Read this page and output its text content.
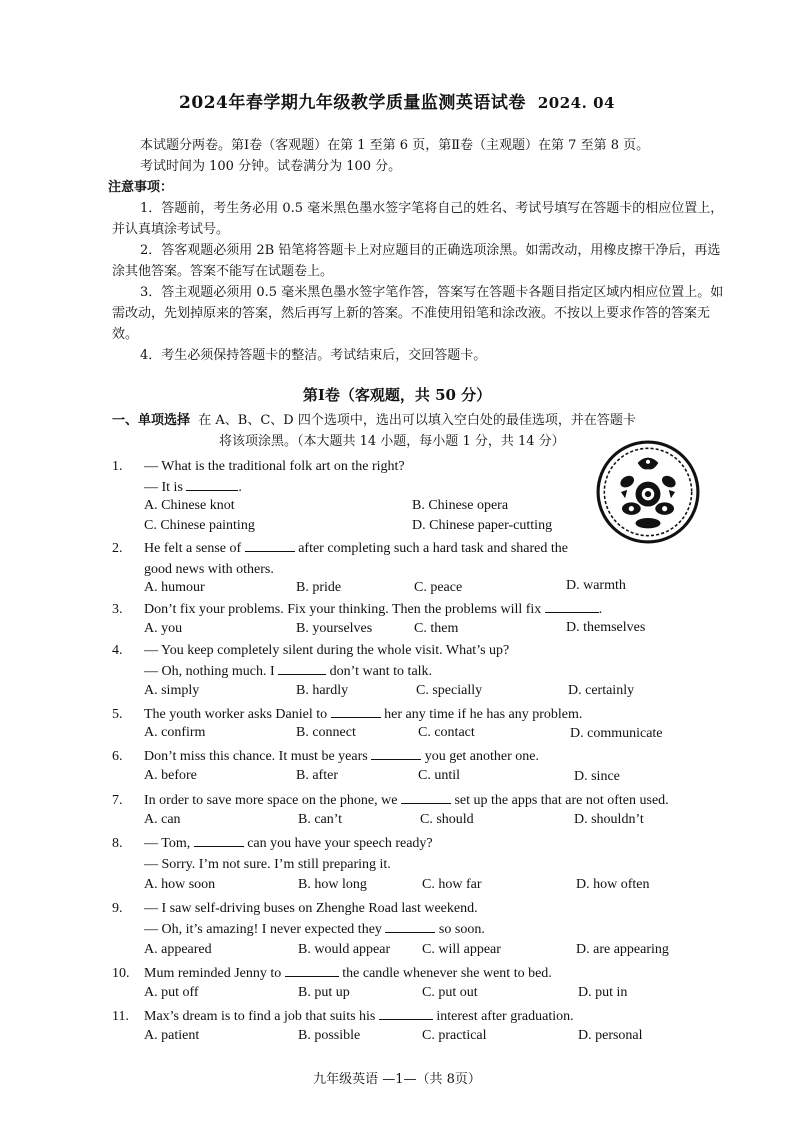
2024年春学期九年级教学质量监测英语试卷 2024. 04

本试题分两卷。第Ⅰ卷（客观题）在第 1 至第 6 页，第Ⅱ卷（主观题）在第 7 至第 8 页。

考试时间为 100 分钟。试卷满分为 100 分。

注意事项：

1．答题前，考生务必用 0.5 毫米黑色墨水签字笔将自己的姓名、考试号填写在答题卡的相应位置上，并认真填涂考试号。

2．答客观题必须用 2B 铅笔将答题卡上对应题目的正确选项涂黑。如需改动，用橡皮擦干净后，再选涂其他答案。答案不能写在试题卷上。

3．答主观题必须用 0.5 毫米黑色墨水签字笔作答，答案写在答题卡各题目指定区域内相应位置上。如需改动，先划掉原来的答案，然后再写上新的答案。不准使用铅笔和涂改液。不按以上要求作答的答案无效。

4．考生必须保持答题卡的整洁。考试结束后，交回答题卡。

第Ⅰ卷（客观题，共 50 分）
一、单项选择 在 A、B、C、D 四个选项中，选出可以填入空白处的最佳选项，并在答题卡
将该项涂黑。（本大题共 14 小题，每小题 1 分，共 14 分）
1.	— What is the traditional folk art on the right?
— It is	.
A. Chinese knot	B. Chinese opera
C. Chinese painting	D. Chinese paper-cutting
2.	He felt a sense of	after completing such a hard task and shared the
good news with others.
A. humour	B. pride	C. peace	D. warmth
3.	Don’t fix your problems. Fix your thinking. Then the problems will fix	.
A. you	B. yourselves	C. them	D. themselves
4.	— You keep completely silent during the whole visit. What’s up?
— Oh, nothing much. I	don’t want to talk.
A. simply	B. hardly	C. specially	D. certainly
5.	The youth worker asks Daniel to	her any time if he has any problem.
A. confirm	B. connect	C. contact	D. communicate
6.	Don’t miss this chance. It must be years	you get another one.
A. before	B. after	C. until	D. since
7.	In order to save more space on the phone, we	set up the apps that are not often used.
A. can	B. can’t	C. should	D. shouldn’t
8.	— Tom,	can you have your speech ready?
— Sorry. I’m not sure. I’m still preparing it.
A. how soon	B. how long	C. how far	D. how often
9.	— I saw self-driving buses on Zhenghe Road last weekend.
— Oh, it’s amazing! I never expected they	so soon.
A. appeared	B. would appear C. will appear	D. are appearing
10.	Mum reminded Jenny to	the candle whenever she went to bed.
A. put off	B. put up	C. put out	D. put in
11.	Max’s dream is to find a job that suits his	interest after graduation.
A. patient	B. possible	C. practical	D. personal
九年级英语 —1—（共 8页）
